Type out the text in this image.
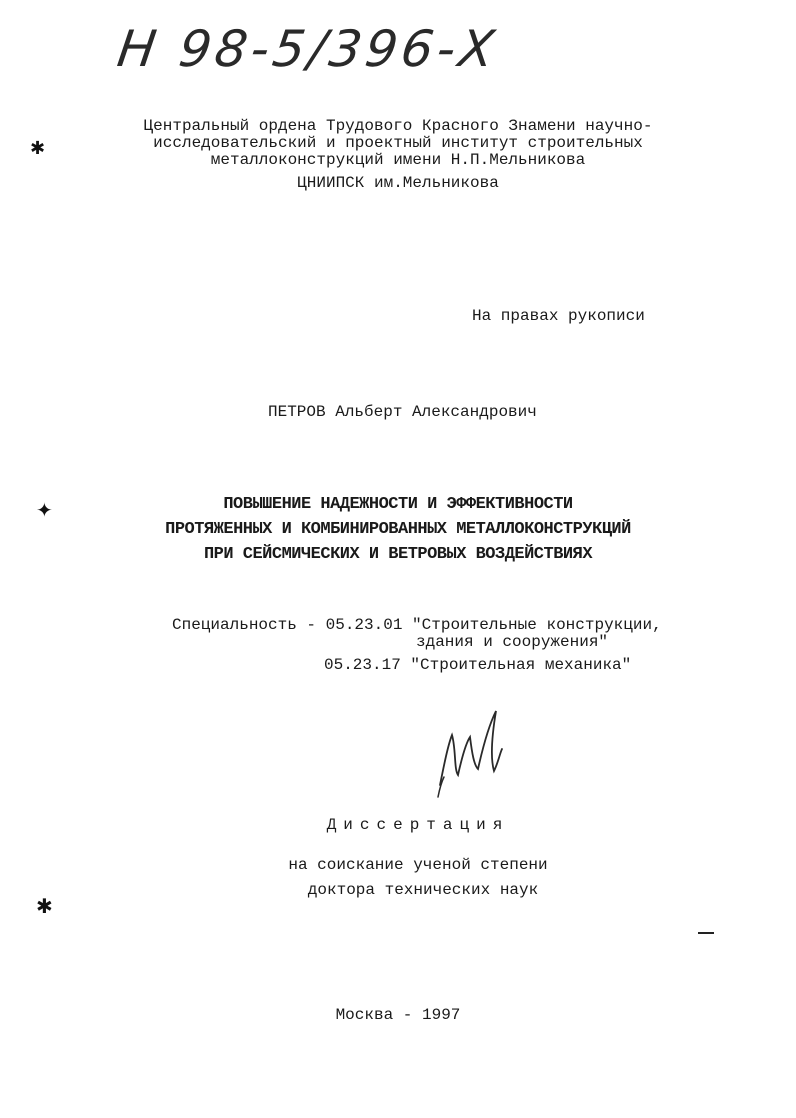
Н 98-5/396-Х
Центральный ордена Трудового Красного Знамени научно-
исследовательский и проектный институт строительных
металлоконструкций имени Н.П.Мельникова
ЦНИИПСК им.Мельникова
На правах рукописи
ПЕТРОВ Альберт Александрович
ПОВЫШЕНИЕ НАДЕЖНОСТИ И ЭФФЕКТИВНОСТИ
ПРОТЯЖЕННЫХ И КОМБИНИРОВАННЫХ МЕТАЛЛОКОНСТРУКЦИЙ
ПРИ СЕЙСМИЧЕСКИХ И ВЕТРОВЫХ ВОЗДЕЙСТВИЯХ
Специальность - 05.23.01 "Строительные конструкции,
здания и сооружения"
05.23.17 "Строительная механика"
Диссертация
на соискание ученой степени
доктора технических наук
Москва - 1997
✱
✦
✱
